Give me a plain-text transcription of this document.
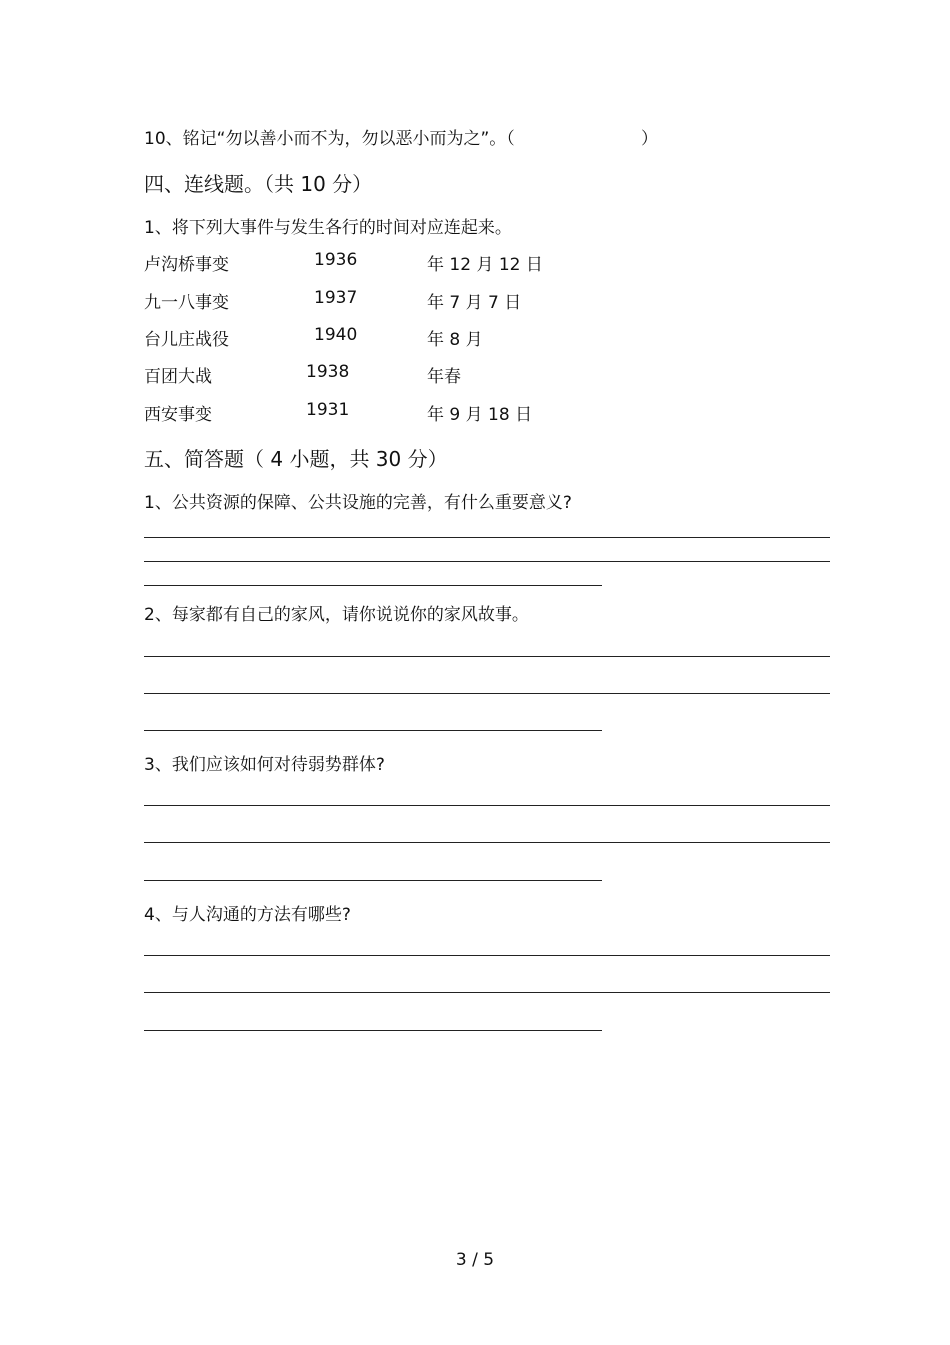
10、铭记“勿以善小而不为，勿以恶小而为之”。（	）
四、连线题。（共 10 分）
1、将下列大事件与发生各行的时间对应连起来。
卢沟桥事变	1936	年 12 月 12 日
九一八事变	1937	年 7 月 7 日
台儿庄战役	1940	年 8 月
百团大战	1938	年春
西安事变	1931	年 9 月 18 日
五、简答题（ 4 小题，共 30 分）
1、公共资源的保障、公共设施的完善，有什么重要意义?
2、每家都有自己的家风，请你说说你的家风故事。
3、我们应该如何对待弱势群体?
4、与人沟通的方法有哪些?
3 / 5
